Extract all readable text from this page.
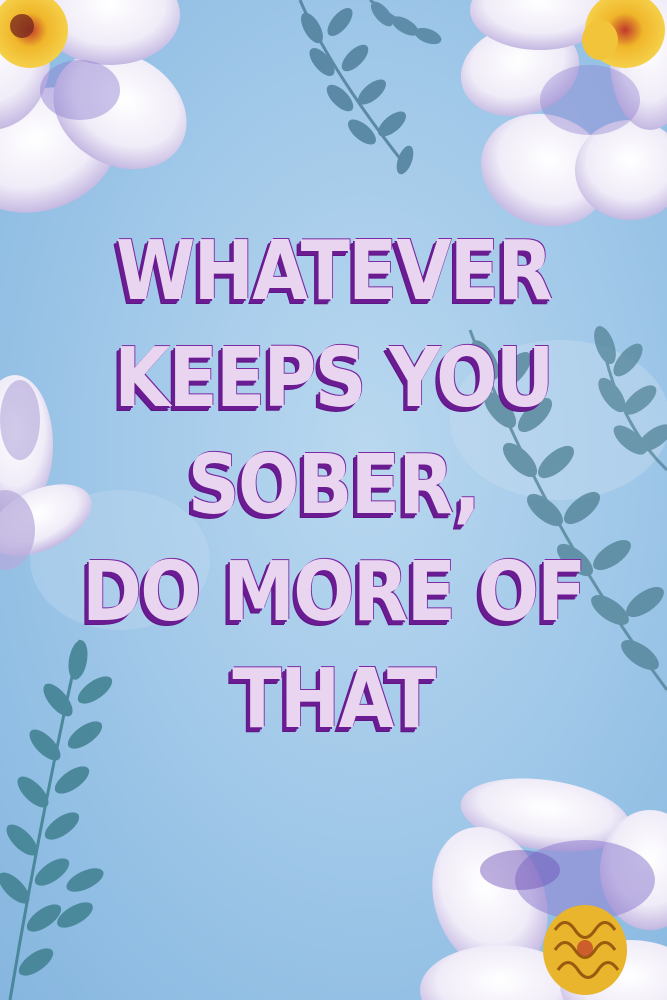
WHATEVER
KEEPS YOU
SOBER,
DO MORE OF
THAT
